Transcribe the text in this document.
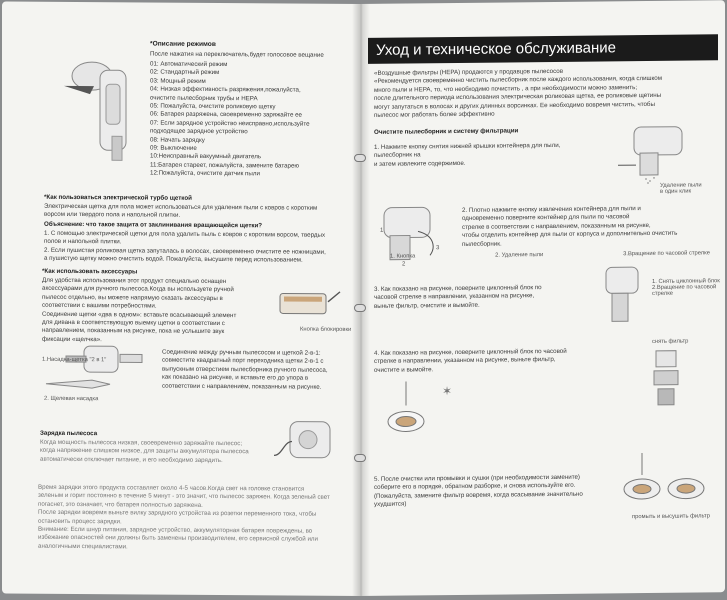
*Описание режимов
После нажатия на переключатель,будет голосовое вещание
01: Автоматический режим
02: Стандартный режим
03: Мощный режим
04: Низкая эффективность разряжения,пожалуйста,
очистите пылесборник трубы и HEPA
05: Пожалуйста, очистите роликовую щетку
06: Батарея разряжена, своевременно заряжайте ее
07: Если зарядное устройство неисправно,используйте
подходящее зарядное устройство
08: Начать зарядку
09: Выключение
10:Неисправный вакуумный двигатель
11:Батарея стареет, пожалуйста, замените батарею
12:Пожалуйста, очистите датчик пыли
*Как пользоваться электрической турбо щеткой
Электрическая щетка для пола может использоваться для удаления пыли с ковров с коротким
ворсом или твердого пола и напольной плитки.
Объяснение: что такое защита от заклинивания вращающейся щетки?
1. С помощью электрической щетки для пола удалить пыль с ковров с коротким ворсом, твердых
полов и напольной плитки.
2. Если пушистая роликовая щетка запуталась в волосах, своевременно очистите ее ножницами,
а пушистую щетку можно очистить водой. Пожалуйста, высушите перед использованием.
*Как использовать аксессуары
Для удобства использования этот продукт специально оснащен
аксессуарами для ручного пылесоса.Когда вы используете ручной
пылесос отдельно, вы можете напрямую сказать аксессуары в
соответствии с вашими потребностями.
Соединение щетки «два в одном»: вставьте всасывающий элемент
для дивана в соответствующую выемку щетки в соответствии с
направлением, показанным на рисунке, пока не услышите звук
фиксации «щелчка».
Кнопка блокировки
Соединение между ручным пылесосом и щеткой 2-в-1:
совместите квадратный порт переходника щетки 2-в-1 с
выпускным отверстием пылесборника ручного пылесоса,
как показано на рисунке, и вставьте его до упора в
соответствии с направлением, показанным на рисунке.
1.Насадка-щетка "2 в 1"
2. Щелевая насадка
Зарядка пылесоса
Когда мощность пылесоса низкая, своевременно заряжайте пылесос;
когда напряжение слишком низкое, для защиты аккумулятора пылесоса
автоматически отключает питание, и его необходимо зарядить.
Время зарядки этого продукта составляет около 4-5 часов.Когда свет на головке становится
зеленым и горит постоянно в течение 5 минут - это значит, что пылесос заряжен. Когда зеленый свет
погаснет, это означает, что батарея полностью заряжена.
После зарядки вовремя выньте вилку зарядного устройства из розетки переменного тока, чтобы
остановить процесс зарядки.
Внимание: Если шнур питания, зарядное устройство, аккумуляторная батарея повреждены, во
избежание опасностей они должны быть заменены производителем, его сервисной службой или
аналогичными специалистами.
Уход и техническое обслуживание
«Воздушные фильтры (HEPA) продаются у продавцов пылесосов
«Рекомендуется своевременно чистить пылесборник после каждого использования, когда слишком
много пыли и HEPA, то, что необходимо почистить , а при необходимости можно заменить;
после длительного периода использования электрическая роликовая щетка, ее роликовые щетины
могут запутаться в волосах и других длинных ворсинках. Ее необходимо вовремя чистить, чтобы
пылесос мог работать более эффективно
Очистите пылесборник и систему фильтрации
1. Нажмите кнопку снятия нижней крышки контейнера для пыли,
пылесборник на
и затем извлеките содержимое.
Удаление пыли
в один клик
1
2
3
2. Плотно нажмите кнопку извлечения контейнера для пыли и
одновременно поверните контейнер для пыли по часовой
стрелке в соответствии с направлением, показанным на рисунке,
чтобы отделить контейнер для пыли от корпуса и дополнительно очистить
пылесборник.
1. Кнопка	2. Удаление пыли	3.Вращение по часовой стрелке
3. Как показано на рисунке, поверните циклонный блок по
часовой стрелке в направлении, указанном на рисунке,
выньте фильтр, очистите и вымойте.
1. Снять циклонный блок
2.Вращение по часовой
стрелке
снять фильтр
4. Как показано на рисунке, поверните циклонный блок по часовой
стрелке в направлении, указанном на рисунке, выньте фильтр,
очистите и вымойте.
✶
5. После очистки или промывки и сушки (при необходимости замените)
соберите его в порядке, обратном разборке, и снова используйте его.
(Пожалуйста, замените фильтр вовремя, когда всасывание значительно
ухудшится)
промыть и высушить фильтр
